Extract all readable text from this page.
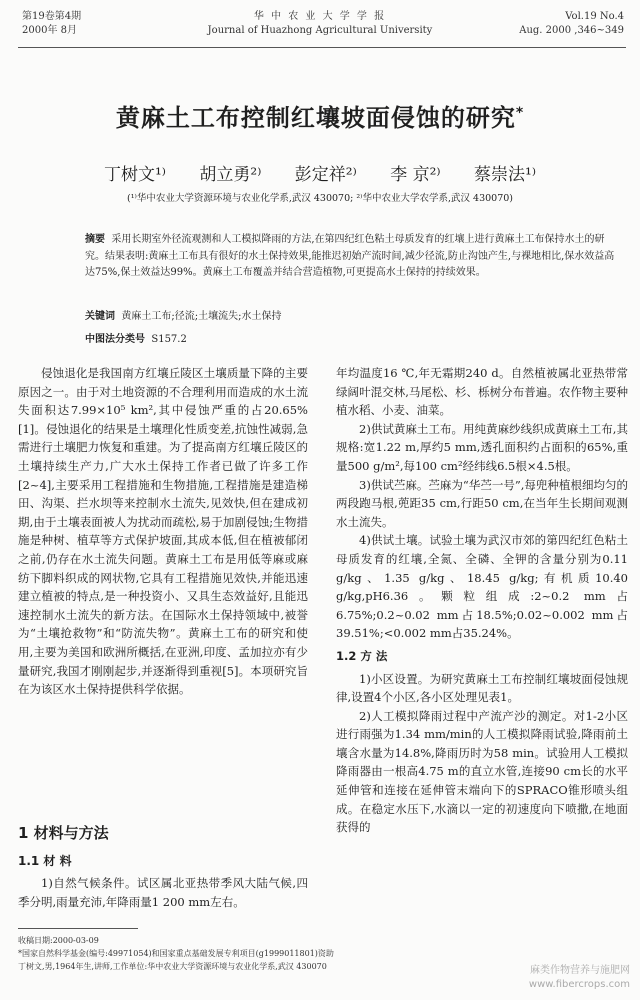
第19卷第4期
2000年 8月
华 中 农 业 大 学 学 报
Journal of Huazhong Agricultural University
Vol.19 No.4
Aug. 2000 ,346~349
黄麻土工布控制红壤坡面侵蚀的研究*
丁树文¹⁾ 胡立勇²⁾ 彭定祥²⁾ 李 京²⁾ 蔡崇法¹⁾
(¹⁾华中农业大学资源环境与农业化学系,武汉 430070; ²⁾华中农业大学农学系,武汉 430070)
摘要 采用长期室外径流观测和人工模拟降雨的方法,在第四纪红色粘土母质发育的红壤上进行黄麻土工布保持水土的研究。结果表明:黄麻土工布具有很好的水土保持效果,能推迟初始产流时间,减少径流,防止沟蚀产生,与裸地相比,保水效益高达75%,保土效益达99%。黄麻土工布覆盖并结合营造植物,可更提高水土保持的持续效果。
关键词 黄麻土工布;径流;土壤流失;水土保持
中图法分类号 S157.2

侵蚀退化是我国南方红壤丘陵区土壤质量下降的主要原因之一。由于对土地资源的不合理利用而造成的水土流失面积达7.99×10⁵ km²,其中侵蚀严重的占20.65%[1]。侵蚀退化的结果是土壤理化性质变差,抗蚀性减弱,急需进行土壤肥力恢复和重建。为了提高南方红壤丘陵区的土壤持续生产力,广大水土保持工作者已做了许多工作[2~4],主要采用工程措施和生物措施,工程措施是建造梯田、沟渠、拦水坝等来控制水土流失,见效快,但在建成初期,由于土壤表面被人为扰动而疏松,易于加剧侵蚀;生物措施是种树、植草等方式保护坡面,其成本低,但在植被郁闭之前,仍存在水土流失问题。黄麻土工布是用低等麻或麻纺下脚料织成的网状物,它具有工程措施见效快,并能迅速建立植被的特点,是一种投资小、又具生态效益好,且能迅速控制水土流失的新方法。在国际水土保持领域中,被誉为“土壤抢救物”和“防流失物”。黄麻土工布的研究和使用,主要为美国和欧洲所概括,在亚洲,印度、孟加拉亦有少量研究,我国才刚刚起步,并逐渐得到重视[5]。本项研究旨在为该区水土保持提供科学依据。

1 材料与方法
1.1 材 料

1)自然气候条件。试区属北亚热带季风大陆气候,四季分明,雨量充沛,年降雨量1 200 mm左右。

年均温度16 ℃,年无霜期240 d。自然植被属北亚热带常绿阔叶混交林,马尾松、杉、栎树分布普遍。农作物主要种植水稻、小麦、油菜。

2)供试黄麻土工布。用纯黄麻纱线织成黄麻土工布,其规格:宽1.22 m,厚约5 mm,透孔面积约占面积的65%,重量500 g/m²,每100 cm²经纬线6.5根×4.5根。

3)供试苎麻。苎麻为“华苎一号”,每兜种植根细均匀的两段跑马根,蔸距35 cm,行距50 cm,在当年生长期间观测水土流失。

4)供试土壤。试验土壤为武汉市郊的第四纪红色粘土母质发育的红壤,全氮、全磷、全钾的含量分别为0.11 g/kg、1.35 g/kg、18.45 g/kg;有机质10.40 g/kg,pH6.36。颗粒组成:2~0.2 mm占6.75%;0.2~0.02 mm占18.5%;0.02~0.002 mm占39.51%;<0.002 mm占35.24%。

1.2 方 法

1)小区设置。为研究黄麻土工布控制红壤坡面侵蚀规律,设置4个小区,各小区处理见表1。

2)人工模拟降雨过程中产流产沙的测定。对1-2小区进行雨强为1.34 mm/min的人工模拟降雨试验,降雨前土壤含水量为14.8%,降雨历时为58 min。试验用人工模拟降雨器由一根高4.75 m的直立水管,连接90 cm长的水平延伸管和连接在延伸管末端向下的SPRACO锥形喷头组成。在稳定水压下,水滴以一定的初速度向下喷撒,在地面获得的

收稿日期:2000-03-09
*国家自然科学基金(编号:49971054)和国家重点基础发展专利项目(g1999011801)资助
丁树文,男,1964年生,讲师,工作单位:华中农业大学资源环境与农业化学系,武汉 430070	麻类作物营养与施肥网
www.fibercrops.com
